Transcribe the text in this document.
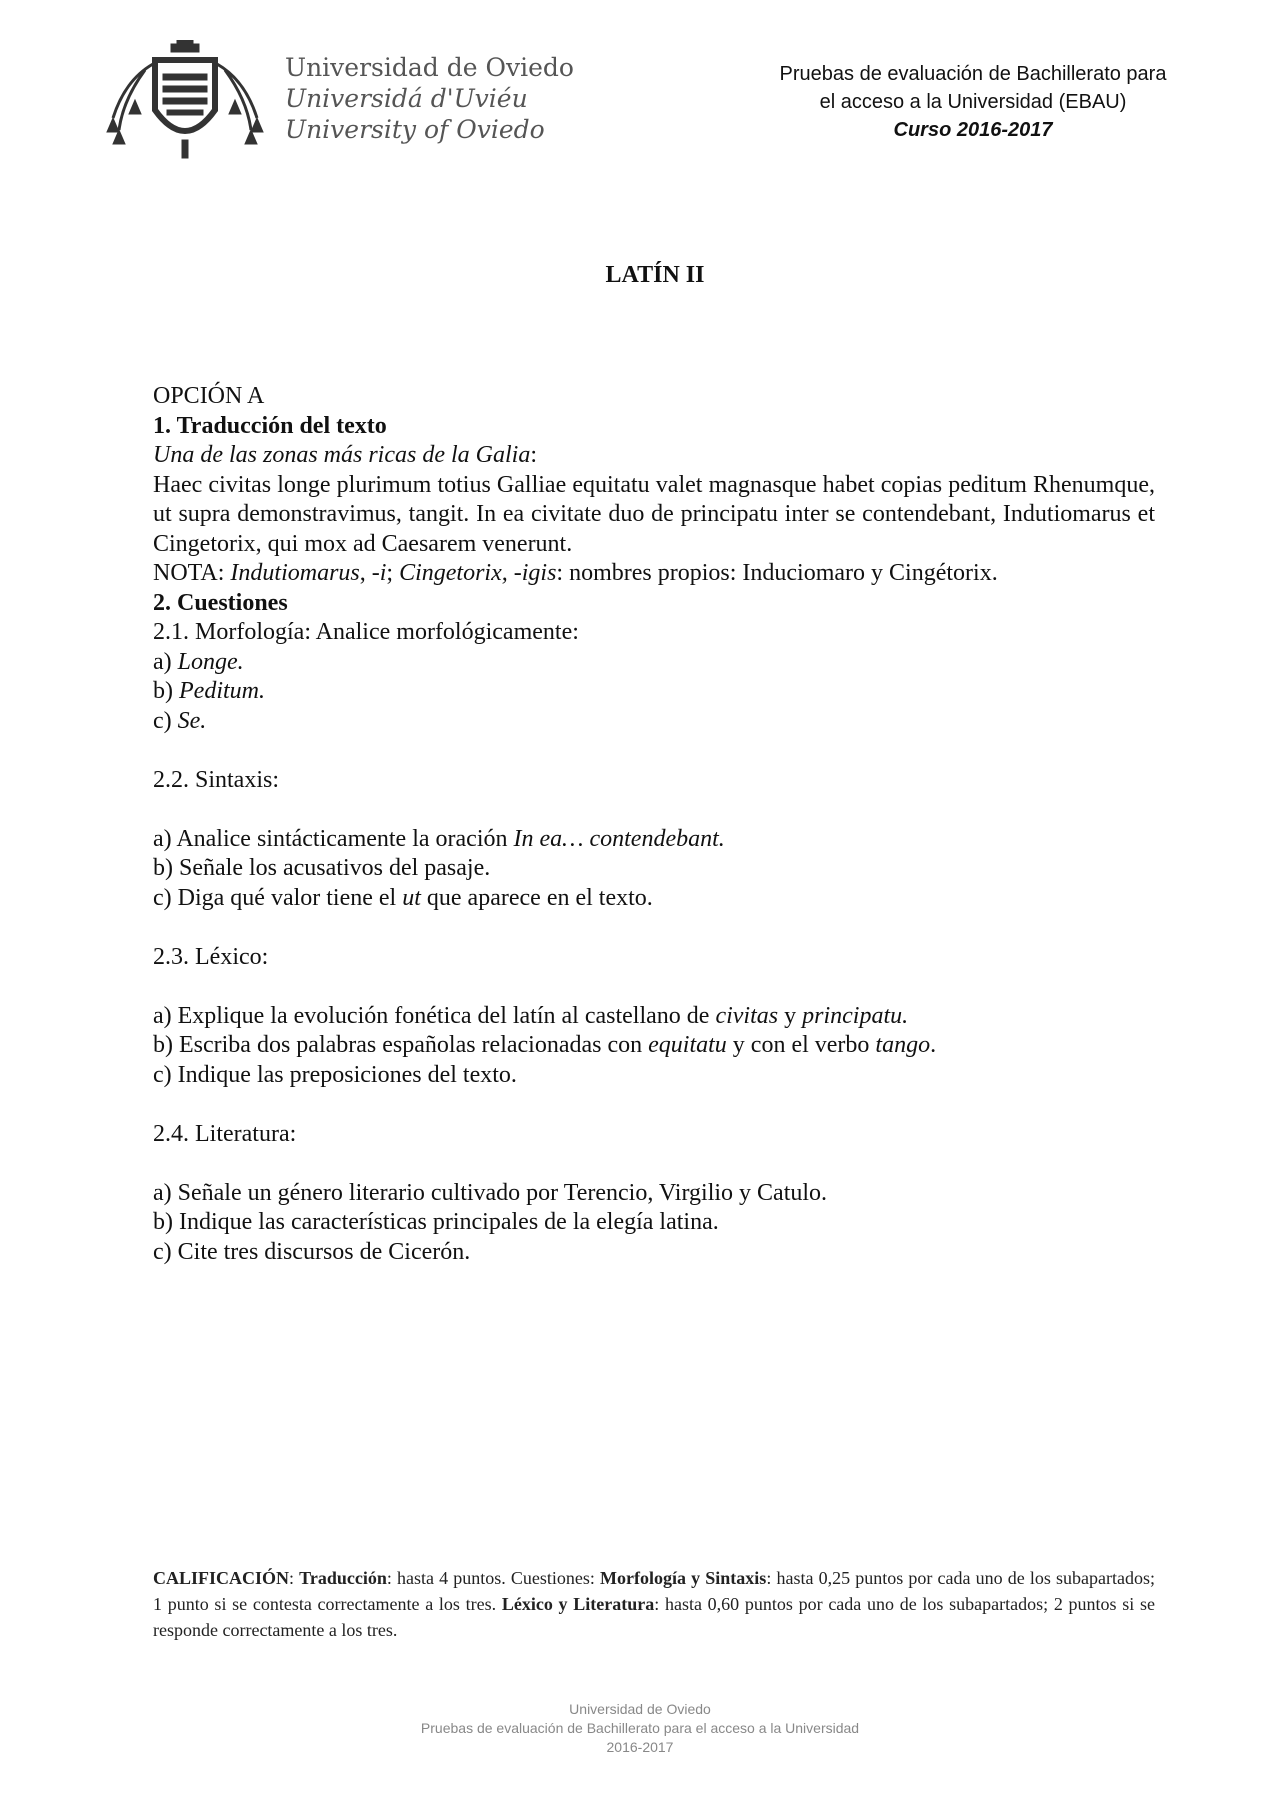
Universidad de Oviedo
Universidá d'Uviéu
University of Oviedo
Pruebas de evaluación de Bachillerato para
el acceso a la Universidad (EBAU)
Curso 2016-2017
LATÍN II

OPCIÓN A

1. Traducción del texto

Una de las zonas más ricas de la Galia:

Haec civitas longe plurimum totius Galliae equitatu valet magnasque habet copias peditum Rhenumque, ut supra demonstravimus, tangit. In ea civitate duo de principatu inter se contendebant, Indutiomarus et Cingetorix, qui mox ad Caesarem venerunt.

NOTA: Indutiomarus, -i; Cingetorix, -igis: nombres propios: Induciomaro y Cingétorix.

2. Cuestiones

2.1. Morfología: Analice morfológicamente:

a) Longe.

b) Peditum.

c) Se.

2.2. Sintaxis:

a) Analice sintácticamente la oración In ea… contendebant.

b) Señale los acusativos del pasaje.

c) Diga qué valor tiene el ut que aparece en el texto.

2.3. Léxico:

a) Explique la evolución fonética del latín al castellano de civitas y principatu.

b) Escriba dos palabras españolas relacionadas con equitatu y con el verbo tango.

c) Indique las preposiciones del texto.

2.4. Literatura:

a) Señale un género literario cultivado por Terencio, Virgilio y Catulo.

b) Indique las características principales de la elegía latina.

c) Cite tres discursos de Cicerón.

CALIFICACIÓN: Traducción: hasta 4 puntos. Cuestiones: Morfología y Sintaxis: hasta 0,25 puntos por cada uno de los subapartados; 1 punto si se contesta correctamente a los tres. Léxico y Literatura: hasta 0,60 puntos por cada uno de los subapartados; 2 puntos si se responde correctamente a los tres.
Universidad de Oviedo
Pruebas de evaluación de Bachillerato para el acceso a la Universidad
2016-2017
